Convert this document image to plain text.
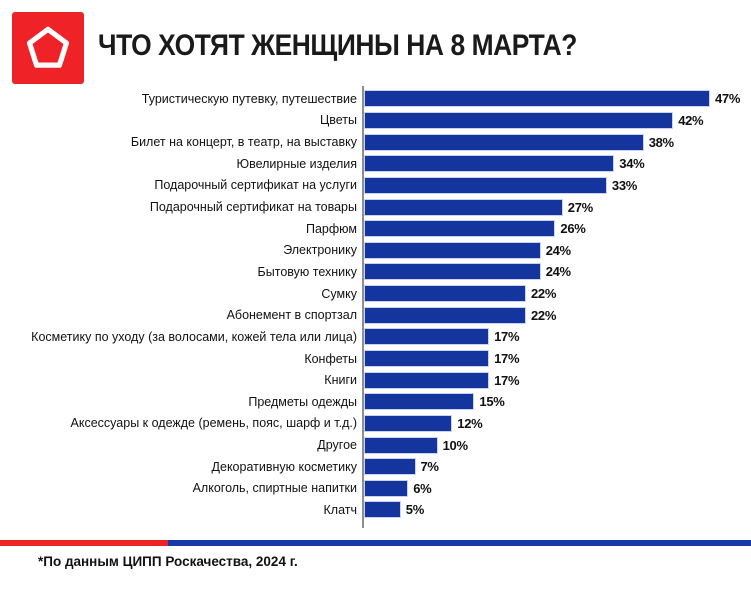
ЧТО ХОТЯТ ЖЕНЩИНЫ НА 8 МАРТА?
Туристическую путевку, путешествие	47%
Цветы	42%
Билет на концерт, в театр, на выставку	38%
Ювелирные изделия	34%
Подарочный сертификат на услуги	33%
Подарочный сертификат на товары	27%
Парфюм	26%
Электронику	24%
Бытовую технику	24%
Сумку	22%
Абонемент в спортзал	22%
Косметику по уходу (за волосами, кожей тела или лица)	17%
Конфеты	17%
Книги	17%
Предметы одежды	15%
Аксессуары к одежде (ремень, пояс, шарф и т.д.)	12%
Другое	10%
Декоративную косметику	7%
Алкоголь, спиртные напитки	6%
Клатч	5%
*По данным ЦИПП Роскачества, 2024 г.
